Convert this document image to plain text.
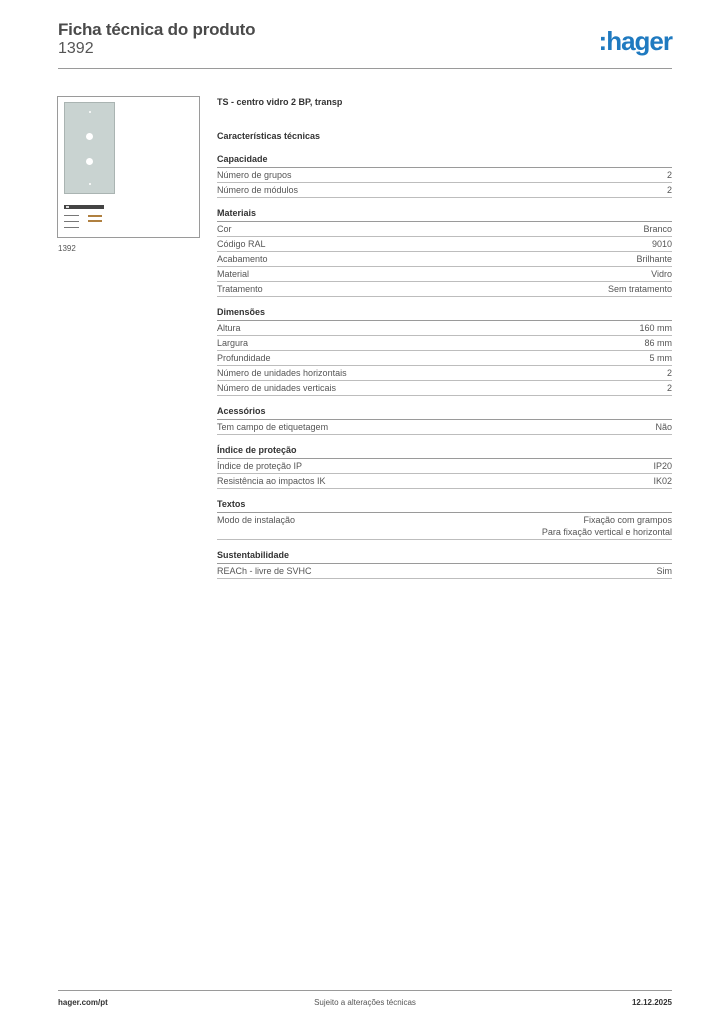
Ficha técnica do produto
1392	:hager
1392
TS - centro vidro 2 BP, transp
Características técnicas
Capacidade
Número de grupos	2
Número de módulos	2
Materiais
Cor	Branco
Código RAL	9010
Acabamento	Brilhante
Material	Vidro
Tratamento	Sem tratamento
Dimensões
Altura	160 mm
Largura	86 mm
Profundidade	5 mm
Número de unidades horizontais	2
Número de unidades verticais	2
Acessórios
Tem campo de etiquetagem	Não
Índice de proteção
Índice de proteção IP	IP20
Resistência ao impactos IK	IK02
Textos
Modo de instalação	Fixação com grampos
Para fixação vertical e horizontal
Sustentabilidade
REACh - livre de SVHC	Sim
hager.com/pt	Sujeito a alterações técnicas	12.12.2025
